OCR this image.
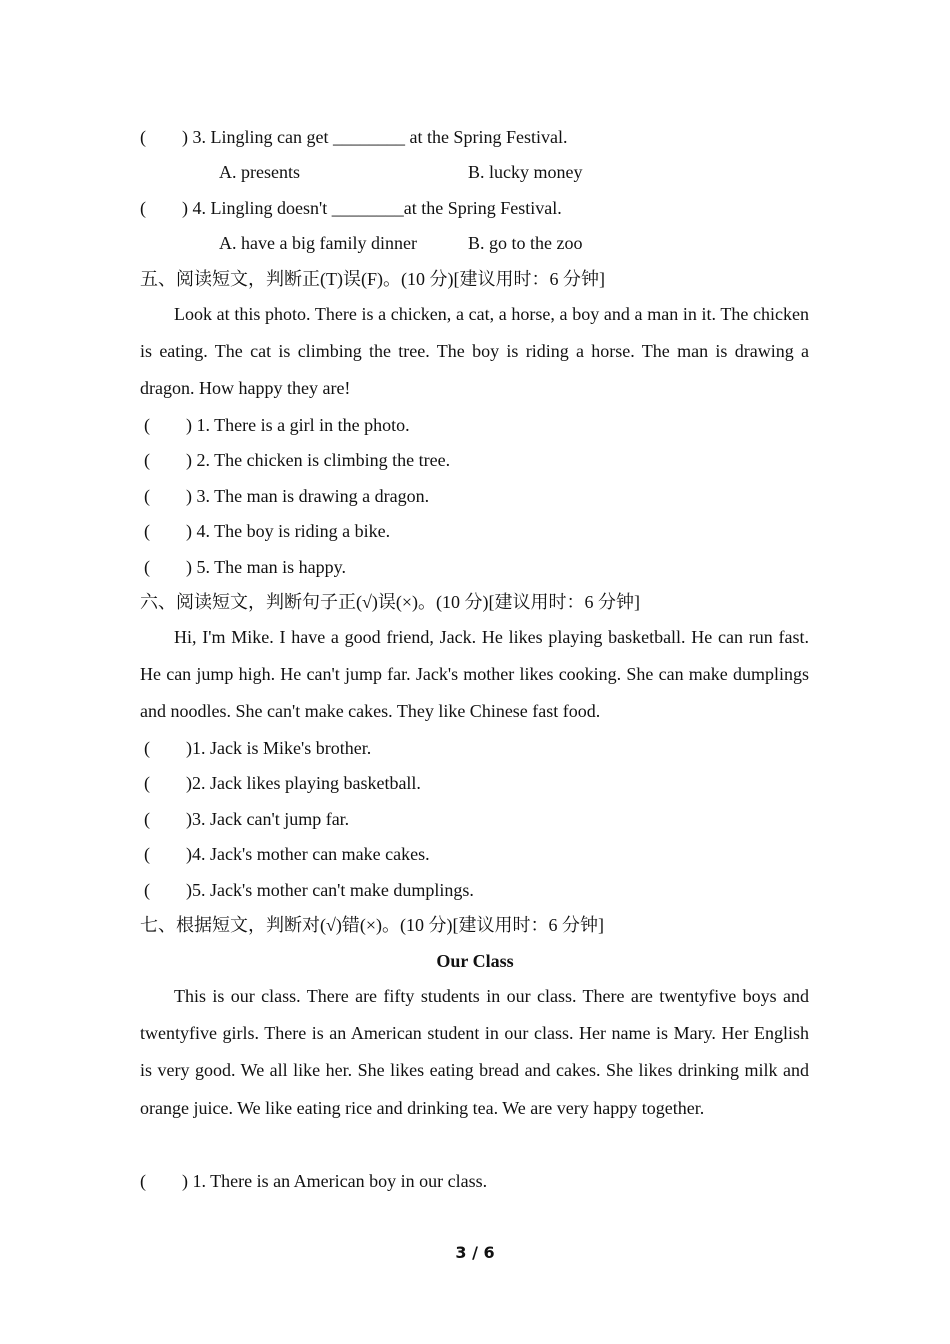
(        ) 3. Lingling can get ________ at the Spring Festival.
A. presents	B. lucky money
(        ) 4. Lingling doesn't ________at the Spring Festival.
A. have a big family dinner	B. go to the zoo
五、阅读短文，判断正(T)误(F)。(10 分)[建议用时：6 分钟]

Look at this photo. There is a chicken, a cat, a horse, a boy and a man in it. The chicken is eating. The cat is climbing the tree. The boy is riding a horse. The man is drawing a dragon. How happy they are!

(        ) 1. There is a girl in the photo.
(        ) 2. The chicken is climbing the tree.
(        ) 3. The man is drawing a dragon.
(        ) 4. The boy is riding a bike.
(        ) 5. The man is happy.
六、阅读短文，判断句子正(√)误(×)。(10 分)[建议用时：6 分钟]

Hi, I'm Mike. I have a good friend, Jack. He likes playing basketball. He can run fast. He can jump high. He can't jump far. Jack's mother likes cooking. She can make dumplings and noodles. She can't make cakes. They like Chinese fast food.

(        )1. Jack is Mike's brother.
(        )2. Jack likes playing basketball.
(        )3. Jack can't jump far.
(        )4. Jack's mother can make cakes.
(        )5. Jack's mother can't make dumplings.
七、根据短文，判断对(√)错(×)。(10 分)[建议用时：6 分钟]
Our Class

This is our class. There are fifty students in our class. There are twentyfive boys and twentyfive girls. There is an American student in our class. Her name is Mary. Her English is very good. We all like her. She likes eating bread and cakes. She likes drinking milk and orange juice. We like eating rice and drinking tea. We are very happy together.

(        ) 1. There is an American boy in our class.
3 / 6
